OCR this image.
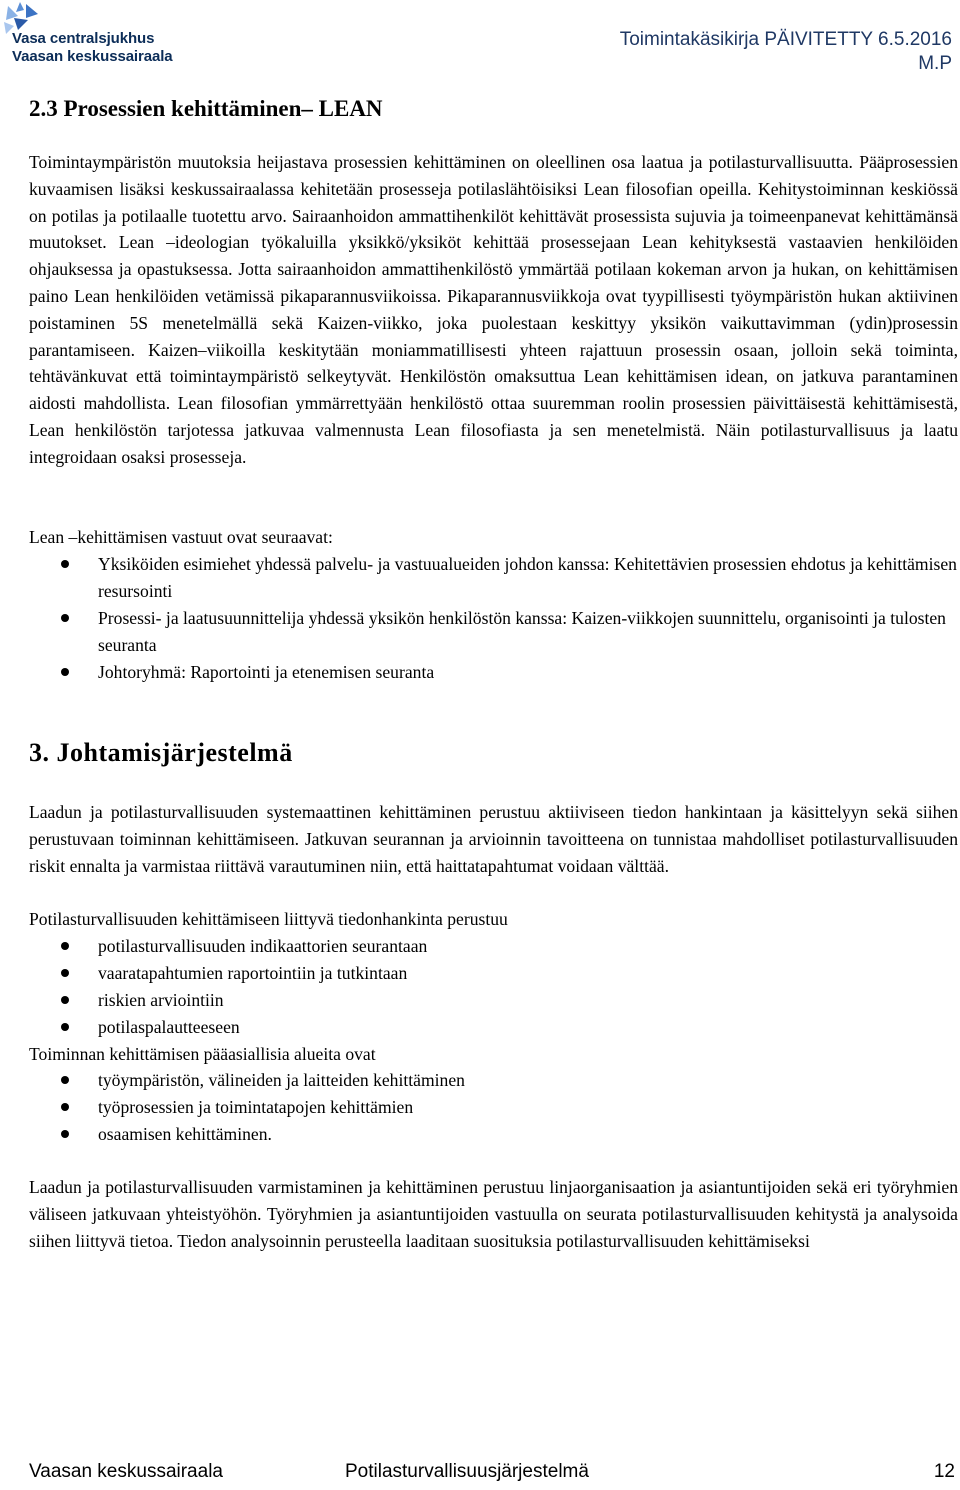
Vasa centralsjukhus
Vaasan keskussairaala
Toimintakäsikirja PÄIVITETTY 6.5.2016
M.P
2.3 Prosessien kehittäminen– LEAN

Toimintaympäristön muutoksia heijastava prosessien kehittäminen on oleellinen osa laatua ja potilasturvallisuutta. Pääprosessien kuvaamisen lisäksi keskussairaalassa kehitetään prosesseja potilaslähtöisiksi Lean filosofian opeilla. Kehitystoiminnan keskiössä on potilas ja potilaalle tuotettu arvo. Sairaanhoidon ammattihenkilöt kehittävät prosessista sujuvia ja toimeenpanevat kehittämänsä muutokset. Lean –ideologian työkaluilla yksikkö/yksiköt kehittää prosessejaan Lean kehityksestä vastaavien henkilöiden ohjauksessa ja opastuksessa. Jotta sairaanhoidon ammattihenkilöstö ymmärtää potilaan kokeman arvon ja hukan, on kehittämisen paino Lean henkilöiden vetämissä pikaparannusviikoissa. Pikaparannusviikkoja ovat tyypillisesti työympäristön hukan aktiivinen poistaminen 5S menetelmällä sekä Kaizen-viikko, joka puolestaan keskittyy yksikön vaikuttavimman (ydin)prosessin parantamiseen. Kaizen–viikoilla keskitytään moniammatillisesti yhteen rajattuun prosessin osaan, jolloin sekä toiminta, tehtävänkuvat että toimintaympäristö selkeytyvät. Henkilöstön omaksuttua Lean kehittämisen idean, on jatkuva parantaminen aidosti mahdollista. Lean filosofian ymmärrettyään henkilöstö ottaa suuremman roolin prosessien päivittäisestä kehittämisestä, Lean henkilöstön tarjotessa jatkuvaa valmennusta Lean filosofiasta ja sen menetelmistä. Näin potilasturvallisuus ja laatu integroidaan osaksi prosesseja.

Lean –kehittämisen vastuut ovat seuraavat:

Yksiköiden esimiehet yhdessä palvelu- ja vastuualueiden johdon kanssa: Kehitettävien prosessien ehdotus ja kehittämisen resursointi
Prosessi- ja laatusuunnittelija yhdessä yksikön henkilöstön kanssa: Kaizen-viikkojen suunnittelu, organisointi ja tulosten seuranta
Johtoryhmä: Raportointi ja etenemisen seuranta
3. Johtamisjärjestelmä

Laadun ja potilasturvallisuuden systemaattinen kehittäminen perustuu aktiiviseen tiedon hankintaan ja käsittelyyn sekä siihen perustuvaan toiminnan kehittämiseen. Jatkuvan seurannan ja arvioinnin tavoitteena on tunnistaa mahdolliset potilasturvallisuuden riskit ennalta ja varmistaa riittävä varautuminen niin, että haittatapahtumat voidaan välttää.

Potilasturvallisuuden kehittämiseen liittyvä tiedonhankinta perustuu

potilasturvallisuuden indikaattorien seurantaan
vaaratapahtumien raportointiin ja tutkintaan
riskien arviointiin
potilaspalautteeseen

Toiminnan kehittämisen pääasiallisia alueita ovat

työympäristön, välineiden ja laitteiden kehittäminen
työprosessien ja toimintatapojen kehittämien
osaamisen kehittäminen.

Laadun ja potilasturvallisuuden varmistaminen ja kehittäminen perustuu linjaorganisaation ja asiantuntijoiden sekä eri työryhmien väliseen jatkuvaan yhteistyöhön. Työryhmien ja asiantuntijoiden vastuulla on seurata potilasturvallisuuden kehitystä ja analysoida siihen liittyvä tietoa. Tiedon analysoinnin perusteella laaditaan suosituksia potilasturvallisuuden kehittämiseksi

Vaasan keskussairaala	Potilasturvallisuusjärjestelmä	12
